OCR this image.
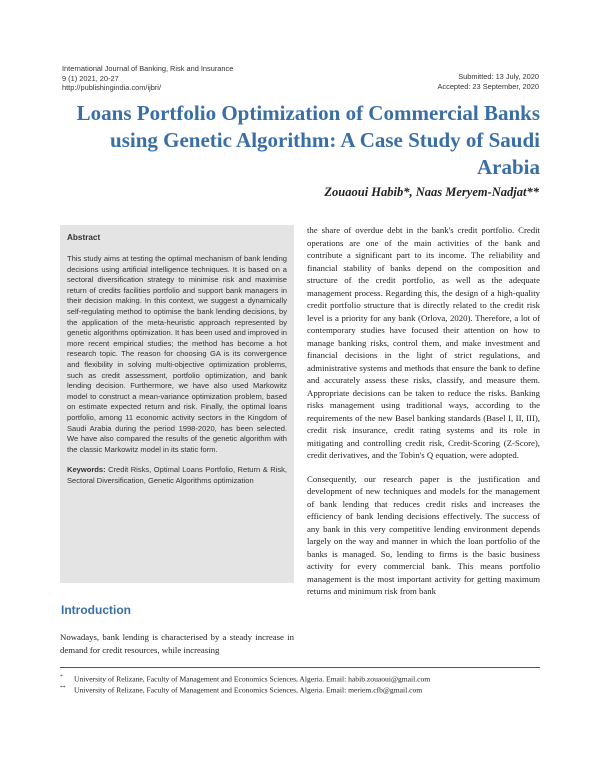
International Journal of Banking, Risk and Insurance
9 (1) 2021, 20-27
http://publishingindia.com/ijbri/
Submitted: 13 July, 2020
Accepted: 23 September, 2020
Loans Portfolio Optimization of Commercial Banks using Genetic Algorithm: A Case Study of Saudi Arabia
Zouaoui Habib*, Naas Meryem-Nadjat**

Abstract

This study aims at testing the optimal mechanism of bank lending decisions using artificial intelligence techniques. It is based on a sectoral diversification strategy to minimise risk and maximise return of credits facilities portfolio and support bank managers in their decision making. In this context, we suggest a dynamically self-regulating method to optimise the bank lending decisions, by the application of the meta-heuristic approach represented by genetic algorithms optimization. It has been used and improved in more recent empirical studies; the method has become a hot research topic. The reason for choosing GA is its convergence and flexibility in solving multi-objective optimization problems, such as credit assessment, portfolio optimization, and bank lending decision. Furthermore, we have also used Markowitz model to construct a mean-variance optimization problem, based on estimate expected return and risk. Finally, the optimal loans portfolio, among 11 economic activity sectors in the Kingdom of Saudi Arabia during the period 1998-2020, has been selected. We have also compared the results of the genetic algorithm with the classic Markowitz model in its static form.

Keywords: Credit Risks, Optimal Loans Portfolio, Return & Risk, Sectoral Diversification, Genetic Algorithms optimization

Introduction

Nowadays, bank lending is characterised by a steady increase in demand for credit resources, while increasing

the share of overdue debt in the bank's credit portfolio. Credit operations are one of the main activities of the bank and contribute a significant part to its income. The reliability and financial stability of banks depend on the composition and structure of the credit portfolio, as well as the adequate management process. Regarding this, the design of a high-quality credit portfolio structure that is directly related to the credit risk level is a priority for any bank (Orlova, 2020). Therefore, a lot of contemporary studies have focused their attention on how to manage banking risks, control them, and make investment and financial decisions in the light of strict regulations, and administrative systems and methods that ensure the bank to define and accurately assess these risks, classify, and measure them. Appropriate decisions can be taken to reduce the risks. Banking risks management using traditional ways, according to the requirements of the new Basel banking standards (Basel I, II, III), credit risk insurance, credit rating systems and its role in mitigating and controlling credit risk, Credit-Scoring (Z-Score), credit derivatives, and the Tobin's Q equation, were adopted.

Consequently, our research paper is the justification and development of new techniques and models for the management of bank lending that reduces credit risks and increases the efficiency of bank lending decisions effectively. The success of any bank in this very competitive lending environment depends largely on the way and manner in which the loan portfolio of the banks is managed. So, lending to firms is the basic business activity for every commercial bank. This means portfolio management is the most important activity for getting maximum returns and minimum risk from bank

* University of Relizane, Faculty of Management and Economics Sciences, Algeria. Email: habib.zouaoui@gmail.com
** University of Relizane, Faculty of Management and Economics Sciences, Algeria. Email: meriem.cfb@gmail.com
